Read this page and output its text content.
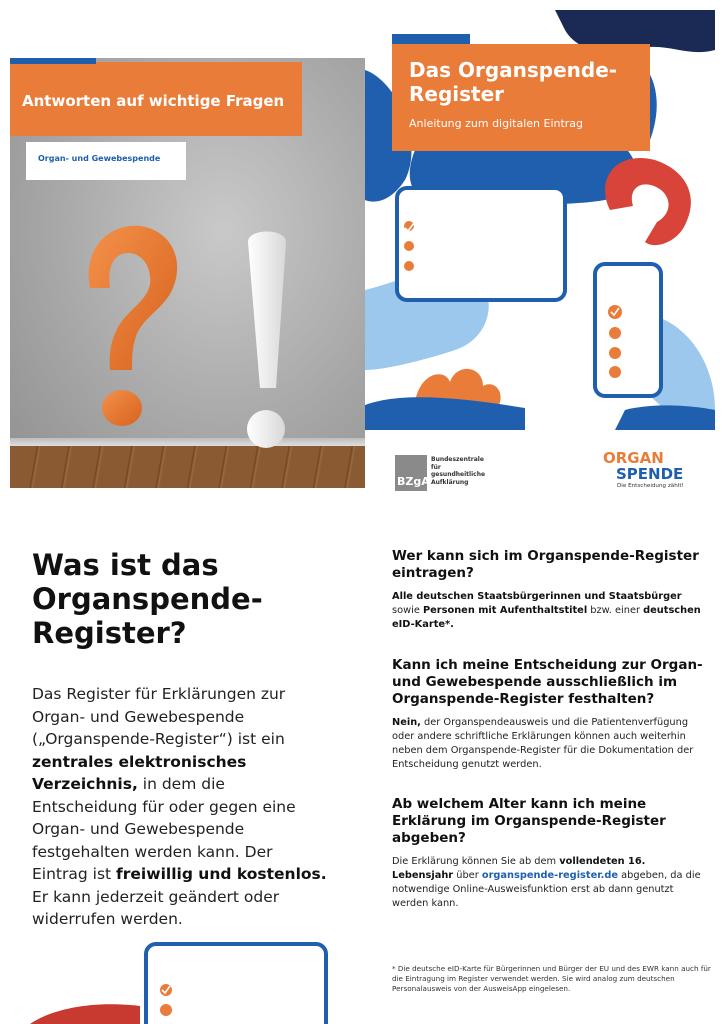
Antworten auf wichtige Fragen
Organ- und Gewebespende
Das Organspende-Register
Anleitung zum digitalen Eintrag
BZgA
Bundeszentrale
für
gesundheitliche
Aufklärung
ORGAN
SPENDE
Die Entscheidung zählt!
Was ist das
Organspende-
Register?
Das Register für Erklärungen zur Organ- und Gewebespende („Organspende-Register“) ist ein zentrales elektronisches Verzeichnis, in dem die Entscheidung für oder gegen eine Organ- und Gewebespende festgehalten werden kann. Der Eintrag ist freiwillig und kostenlos. Er kann jederzeit geändert oder widerrufen werden.
Wer kann sich im Organspende-Register eintragen?
Alle deutschen Staatsbürgerinnen und Staatsbürger sowie Personen mit Aufenthaltstitel bzw. einer deutschen eID-Karte*.
Kann ich meine Entscheidung zur Organ- und Gewebespende ausschließlich im Organspende-Register festhalten?
Nein, der Organspendeausweis und die Patientenverfügung oder andere schriftliche Erklärungen können auch weiterhin neben dem Organspende-Register für die Dokumentation der Entscheidung genutzt werden.
Ab welchem Alter kann ich meine Erklärung im Organspende-Register abgeben?
Die Erklärung können Sie ab dem vollendeten 16. Lebensjahr über organspende-register.de abgeben, da die notwendige Online-Ausweisfunktion erst ab dann genutzt werden kann.
* Die deutsche eID-Karte für Bürgerinnen und Bürger der EU und des EWR kann auch für die Eintragung im Register verwendet werden. Sie wird analog zum deutschen Personalausweis von der AusweisApp eingelesen.
